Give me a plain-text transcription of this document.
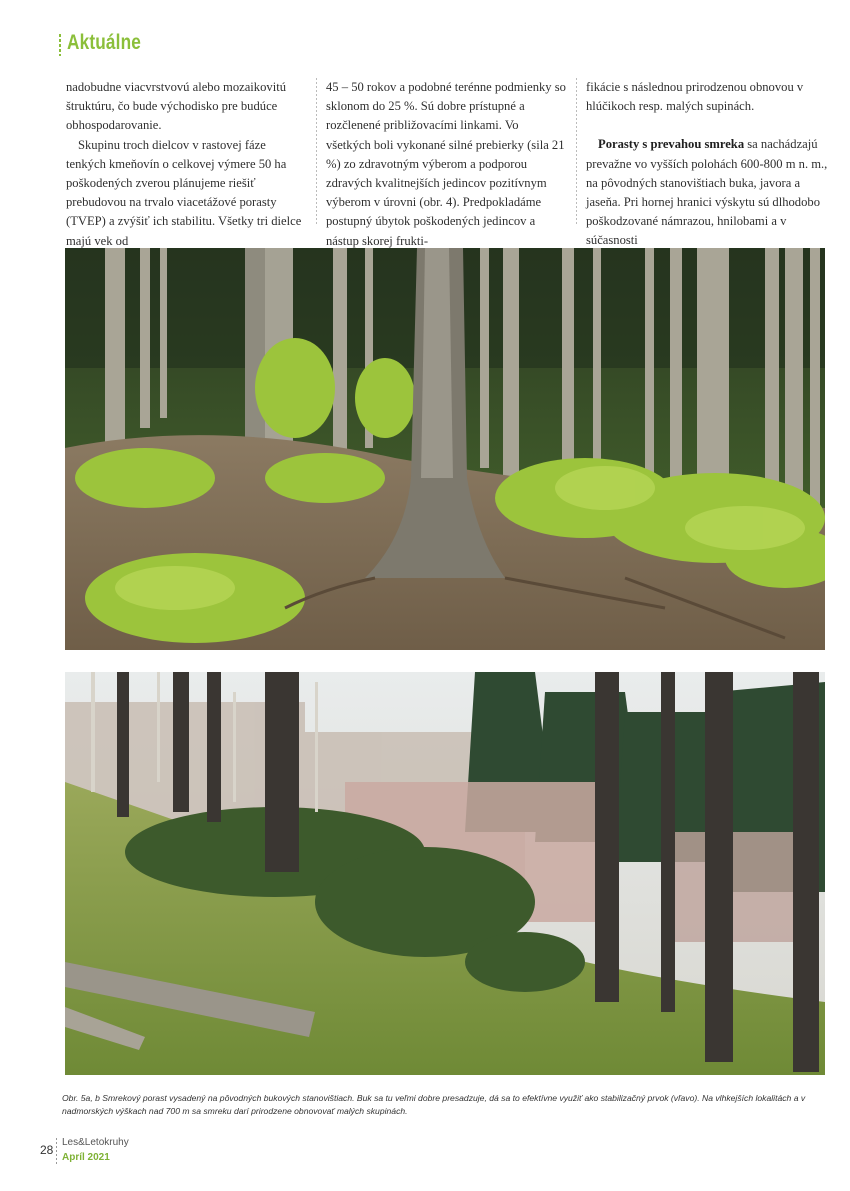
Aktuálne

nadobudne viacvrstvovú alebo mozaikovitú štruktúru, čo bude východisko pre budúce obhospodarovanie.

Skupinu troch dielcov v rastovej fáze tenkých kmeňovín o celkovej výmere 50 ha poškodených zverou plánujeme riešiť prebudovou na trvalo viacetážové porasty (TVEP) a zvýšiť ich stabilitu. Všetky tri dielce majú vek od

45 – 50 rokov a podobné terénne podmienky so sklonom do 25 %. Sú dobre prístupné a rozčlenené približovacími linkami. Vo všetkých boli vykonané silné prebierky (sila 21 %) zo zdravotným výberom a podporou zdravých kvalitnejších jedincov pozitívnym výberom v úrovni (obr. 4). Predpokladáme postupný úbytok poškodených jedincov a nástup skorej frukti-

fikácie s následnou prirodzenou obnovou v hlúčikoch resp. malých supinách.

Porasty s prevahou smreka sa nachádzajú prevažne vo vyšších polohách 600-800 m n. m., na pôvodných stanovištiach buka, javora a jaseňa. Pri hornej hranici výskytu sú dlhodobo poškodzované námrazou, hnilobami a v súčasnosti

Obr. 5a, b Smrekový porast vysadený na pôvodných bukových stanovištiach. Buk sa tu veľmi dobre presadzuje, dá sa to efektívne využiť ako stabilizačný prvok (vľavo). Na vlhkejších lokalitách a v nadmorských výškach nad 700 m sa smreku darí prirodzene obnovovať malých skupinách.
28
Les&Letokruhy
Apríl 2021
